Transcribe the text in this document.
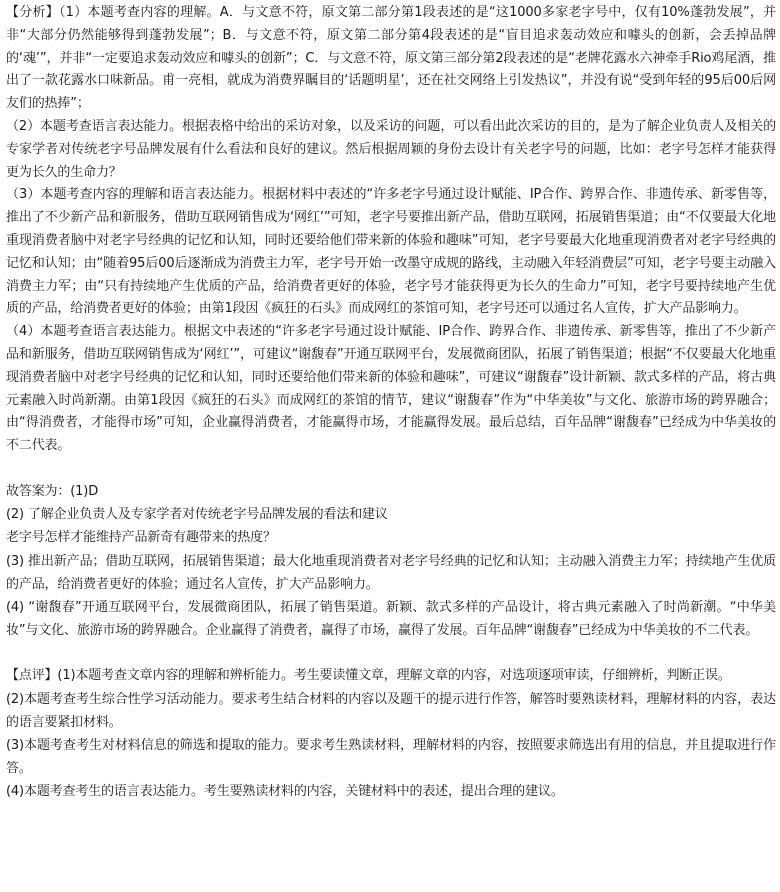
【分析】（1）本题考查内容的理解。A．与文意不符，原文第二部分第1段表述的是“这1000多家老字号中，仅有10%蓬勃发展”，并非“大部分仍然能够得到蓬勃发展”；B．与文意不符，原文第二部分第4段表述的是“盲目追求轰动效应和噱头的创新，会丢掉品牌的‘魂’”，并非“一定要追求轰动效应和噱头的创新”；C．与文意不符，原文第三部分第2段表述的是“老牌花露水六神牵手Rio鸡尾酒，推出了一款花露水口味新品。甫一亮相，就成为消费界瞩目的‘话题明星’，还在社交网络上引发热议”，并没有说“受到年轻的95后00后网友们的热捧”；

（2）本题考查语言表达能力。根据表格中给出的采访对象，以及采访的问题，可以看出此次采访的目的，是为了解企业负责人及相关的专家学者对传统老字号品牌发展有什么看法和良好的建议。然后根据周颖的身份去设计有关老字号的问题，比如：老字号怎样才能获得更为长久的生命力？

（3）本题考查内容的理解和语言表达能力。根据材料中表述的“许多老字号通过设计赋能、IP合作、跨界合作、非遗传承、新零售等，推出了不少新产品和新服务，借助互联网销售成为‘网红’”可知，老字号要推出新产品，借助互联网，拓展销售渠道；由“不仅要最大化地重现消费者脑中对老字号经典的记忆和认知，同时还要给他们带来新的体验和趣味”可知，老字号要最大化地重现消费者对老字号经典的记忆和认知；由“随着95后00后逐渐成为消费主力军，老字号开始一改墨守成规的路线，主动融入年轻消费层”可知，老字号要主动融入消费主力军；由“只有持续地产生优质的产品，给消费者更好的体验，老字号才能获得更为长久的生命力”可知，老字号要持续地产生优质的产品，给消费者更好的体验；由第1段因《疯狂的石头》而成网红的茶馆可知，老字号还可以通过名人宣传，扩大产品影响力。

（4）本题考查语言表达能力。根据文中表述的“许多老字号通过设计赋能、IP合作、跨界合作、非遗传承、新零售等，推出了不少新产品和新服务，借助互联网销售成为‘网红’”，可建议“谢馥春”开通互联网平台，发展微商团队，拓展了销售渠道；根据“不仅要最大化地重现消费者脑中对老字号经典的记忆和认知，同时还要给他们带来新的体验和趣味”，可建议“谢馥春”设计新颖、款式多样的产品，将古典元素融入时尚新潮。由第1段因《疯狂的石头》而成网红的茶馆的情节，建议“谢馥春”作为“中华美妆”与文化、旅游市场的跨界融合；由“得消费者，才能得市场”可知，企业赢得消费者，才能赢得市场，才能赢得发展。最后总结，百年品牌“谢馥春”已经成为中华美妆的不二代表。

故答案为：(1)D

(2) 了解企业负责人及专家学者对传统老字号品牌发展的看法和建议

老字号怎样才能维持产品新奇有趣带来的热度？

(3) 推出新产品；借助互联网，拓展销售渠道；最大化地重现消费者对老字号经典的记忆和认知；主动融入消费主力军；持续地产生优质的产品，给消费者更好的体验；通过名人宣传，扩大产品影响力。

(4) “谢馥春”开通互联网平台，发展微商团队，拓展了销售渠道。新颖、款式多样的产品设计，将古典元素融入了时尚新潮。“中华美妆”与文化、旅游市场的跨界融合。企业赢得了消费者，赢得了市场，赢得了发展。百年品牌“谢馥春”已经成为中华美妆的不二代表。

【点评】(1)本题考查文章内容的理解和辨析能力。考生要读懂文章，理解文章的内容，对选项逐项审读，仔细辨析，判断正误。

(2)本题考查考生综合性学习活动能力。要求考生结合材料的内容以及题干的提示进行作答，解答时要熟读材料，理解材料的内容，表达的语言要紧扣材料。

(3)本题考查考生对材料信息的筛选和提取的能力。要求考生熟读材料，理解材料的内容，按照要求筛选出有用的信息，并且提取进行作答。

(4)本题考查考生的语言表达能力。考生要熟读材料的内容，关键材料中的表述，提出合理的建议。
